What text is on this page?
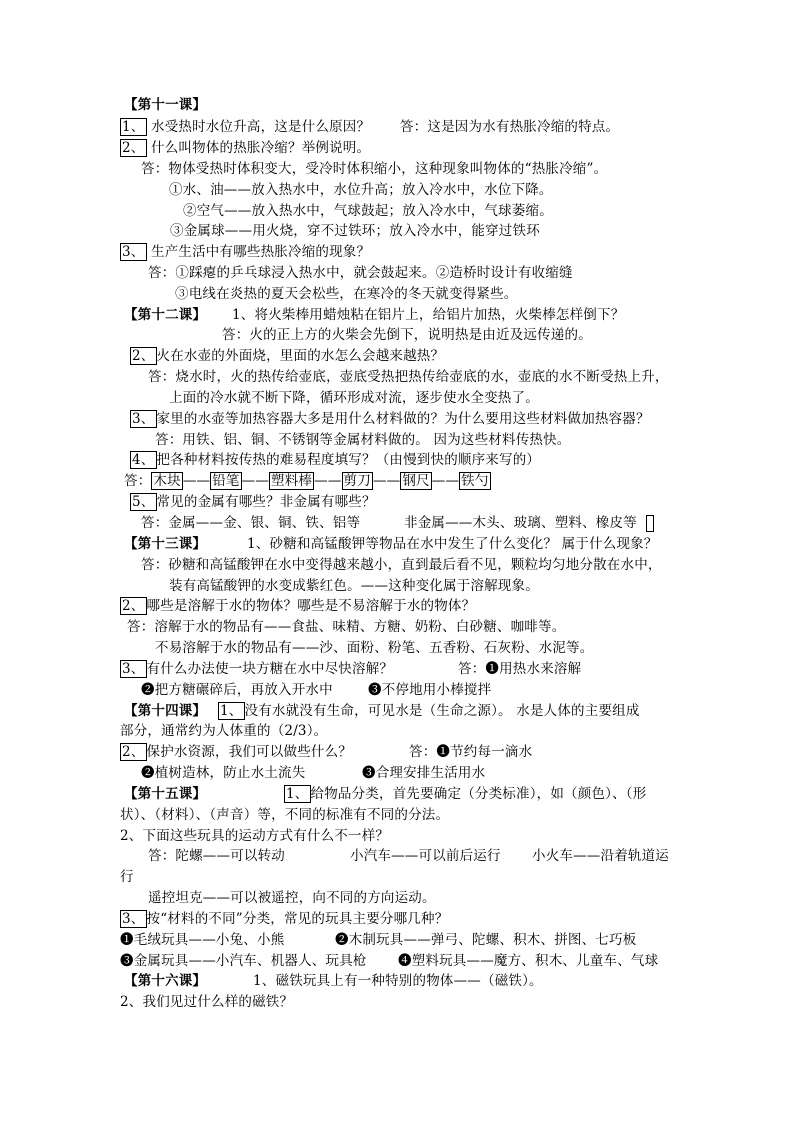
【第十一课】
1、 水受热时水位升高，这是什么原因？ 答：这是因为水有热胀冷缩的特点。
2、 什么叫物体的热胀冷缩？举例说明。
答：物体受热时体积变大，受冷时体积缩小，这种现象叫物体的“热胀冷缩”。
①水、油——放入热水中，水位升高；放入冷水中，水位下降。
②空气——放入热水中，气球鼓起；放入冷水中，气球萎缩。
③金属球——用火烧，穿不过铁环；放入冷水中，能穿过铁环
3、 生产生活中有哪些热胀冷缩的现象？
答：①踩瘪的乒乓球浸入热水中，就会鼓起来。②造桥时设计有收缩缝
③电线在炎热的夏天会松些，在寒冷的冬天就变得紧些。
【第十二课】 1、将火柴棒用蜡烛粘在铝片上，给铝片加热，火柴棒怎样倒下？
答：火的正上方的火柴会先倒下，说明热是由近及远传递的。
2、 火在水壶的外面烧，里面的水怎么会越来越热？
答：烧水时，火的热传给壶底，壶底受热把热传给壶底的水，壶底的水不断受热上升，
上面的冷水就不断下降，循环形成对流，逐步使水全变热了。
3、 家里的水壶等加热容器大多是用什么材料做的？为什么要用这些材料做加热容器？
答：用铁、铝、铜、不锈钢等金属材料做的。 因为这些材料传热快。
4、 把各种材料按传热的难易程度填写？（由慢到快的顺序来写的）
答： 木块 —— 铅笔 —— 塑料棒 —— 剪刀 —— 钢尺 —— 铁勺
5、 常见的金属有哪些？非金属有哪些？
答：金属——金、银、铜、铁、铝等	非金属——木头、玻璃、塑料、橡皮等
【第十三课】	1、砂糖和高锰酸钾等物品在水中发生了什么变化？ 属于什么现象？
答：砂糖和高锰酸钾在水中变得越来越小，直到最后看不见，颗粒均匀地分散在水中，
装有高锰酸钾的水变成紫红色。——这种变化属于溶解现象。
2、 哪些是溶解于水的物体？哪些是不易溶解于水的物体？
答：溶解于水的物品有——食盐、味精、方糖、奶粉、白砂糖、咖啡等。
不易溶解于水的物品有——沙、面粉、粉笔、五香粉、石灰粉、水泥等。
3、 有什么办法使一块方糖在水中尽快溶解？	答：❶用热水来溶解
❷把方糖碾碎后，再放入开水中	❸不停地用小棒搅拌
【第十四课】 1、 没有水就没有生命，可见水是（生命之源）。 水是人体的主要组成
部分，通常约为人体重的（2/3）。
2、 保护水资源，我们可以做些什么？	答：❶节约每一滴水
❷植树造林，防止水土流失	❸合理安排生活用水
【第十五课】	1、 给物品分类，首先要确定（分类标准），如（颜色）、（形
状）、（材料）、（声音）等，不同的标准有不同的分法。
2、下面这些玩具的运动方式有什么不一样？
答：陀螺——可以转动	小汽车——可以前后运行 小火车——沿着轨道运
行
遥控坦克——可以被遥控，向不同的方向运动。
3、 按“材料的不同”分类，常见的玩具主要分哪几种？
❶毛绒玩具——小兔、小熊	❷木制玩具——弹弓、陀螺、积木、拼图、七巧板
❸金属玩具——小汽车、机器人、玩具枪 ❹塑料玩具——魔方、积木、儿童车、气球
【第十六课】	1、磁铁玩具上有一种特别的物体——（磁铁）。
2、我们见过什么样的磁铁？
